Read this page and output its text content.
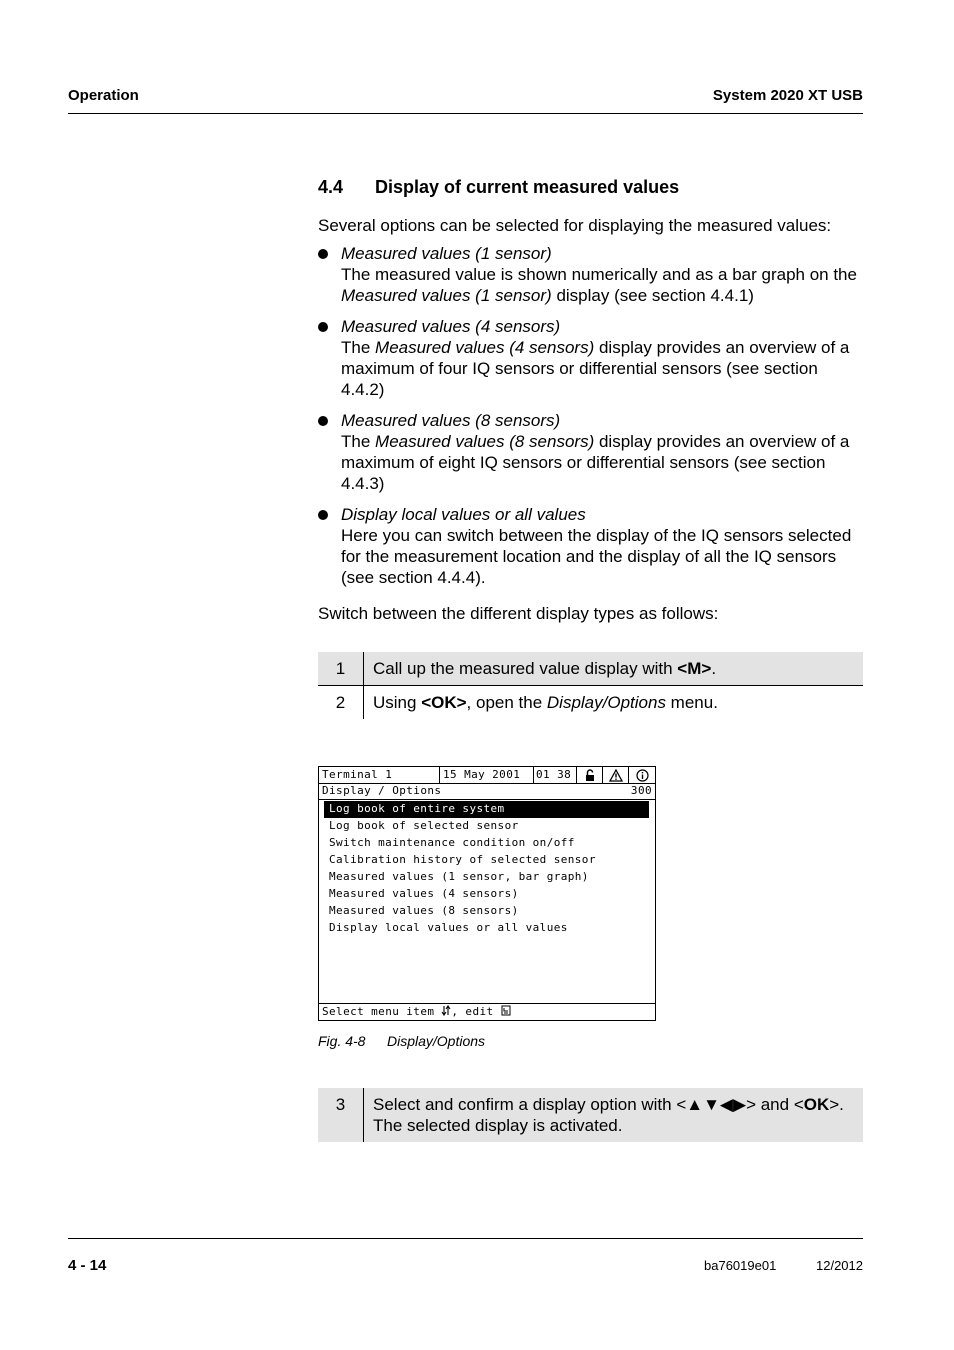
Operation	System 2020 XT USB
4.4 Display of current measured values
Several options can be selected for displaying the measured values:
Measured values (1 sensor)
The measured value is shown numerically and as a bar graph on the Measured values (1 sensor) display (see section 4.4.1)
Measured values (4 sensors)
The Measured values (4 sensors) display provides an overview of a maximum of four IQ sensors or differential sensors (see section 4.4.2)
Measured values (8 sensors)
The Measured values (8 sensors) display provides an overview of a maximum of eight IQ sensors or differential sensors (see section 4.4.3)
Display local values or all values
Here you can switch between the display of the IQ sensors selected for the measurement location and the display of all the IQ sensors (see section 4.4.4).
Switch between the different display types as follows:
1	Call up the measured value display with <M>.
2	Using <OK>, open the Display/Options menu.
Terminal 1	15 May 2001 01 38
Display / Options	300
Log book of entire system
Log book of selected sensor
Switch maintenance condition on/off
Calibration history of selected sensor
Measured values (1 sensor, bar graph)
Measured values (4 sensors)
Measured values (8 sensors)
Display local values or all values
Select menu item , edit
Fig. 4-8 Display/Options
3	Select and confirm a display option with <▲▼◀▶> and <OK>.
The selected display is activated.
4 - 14	ba76019e01	12/2012
